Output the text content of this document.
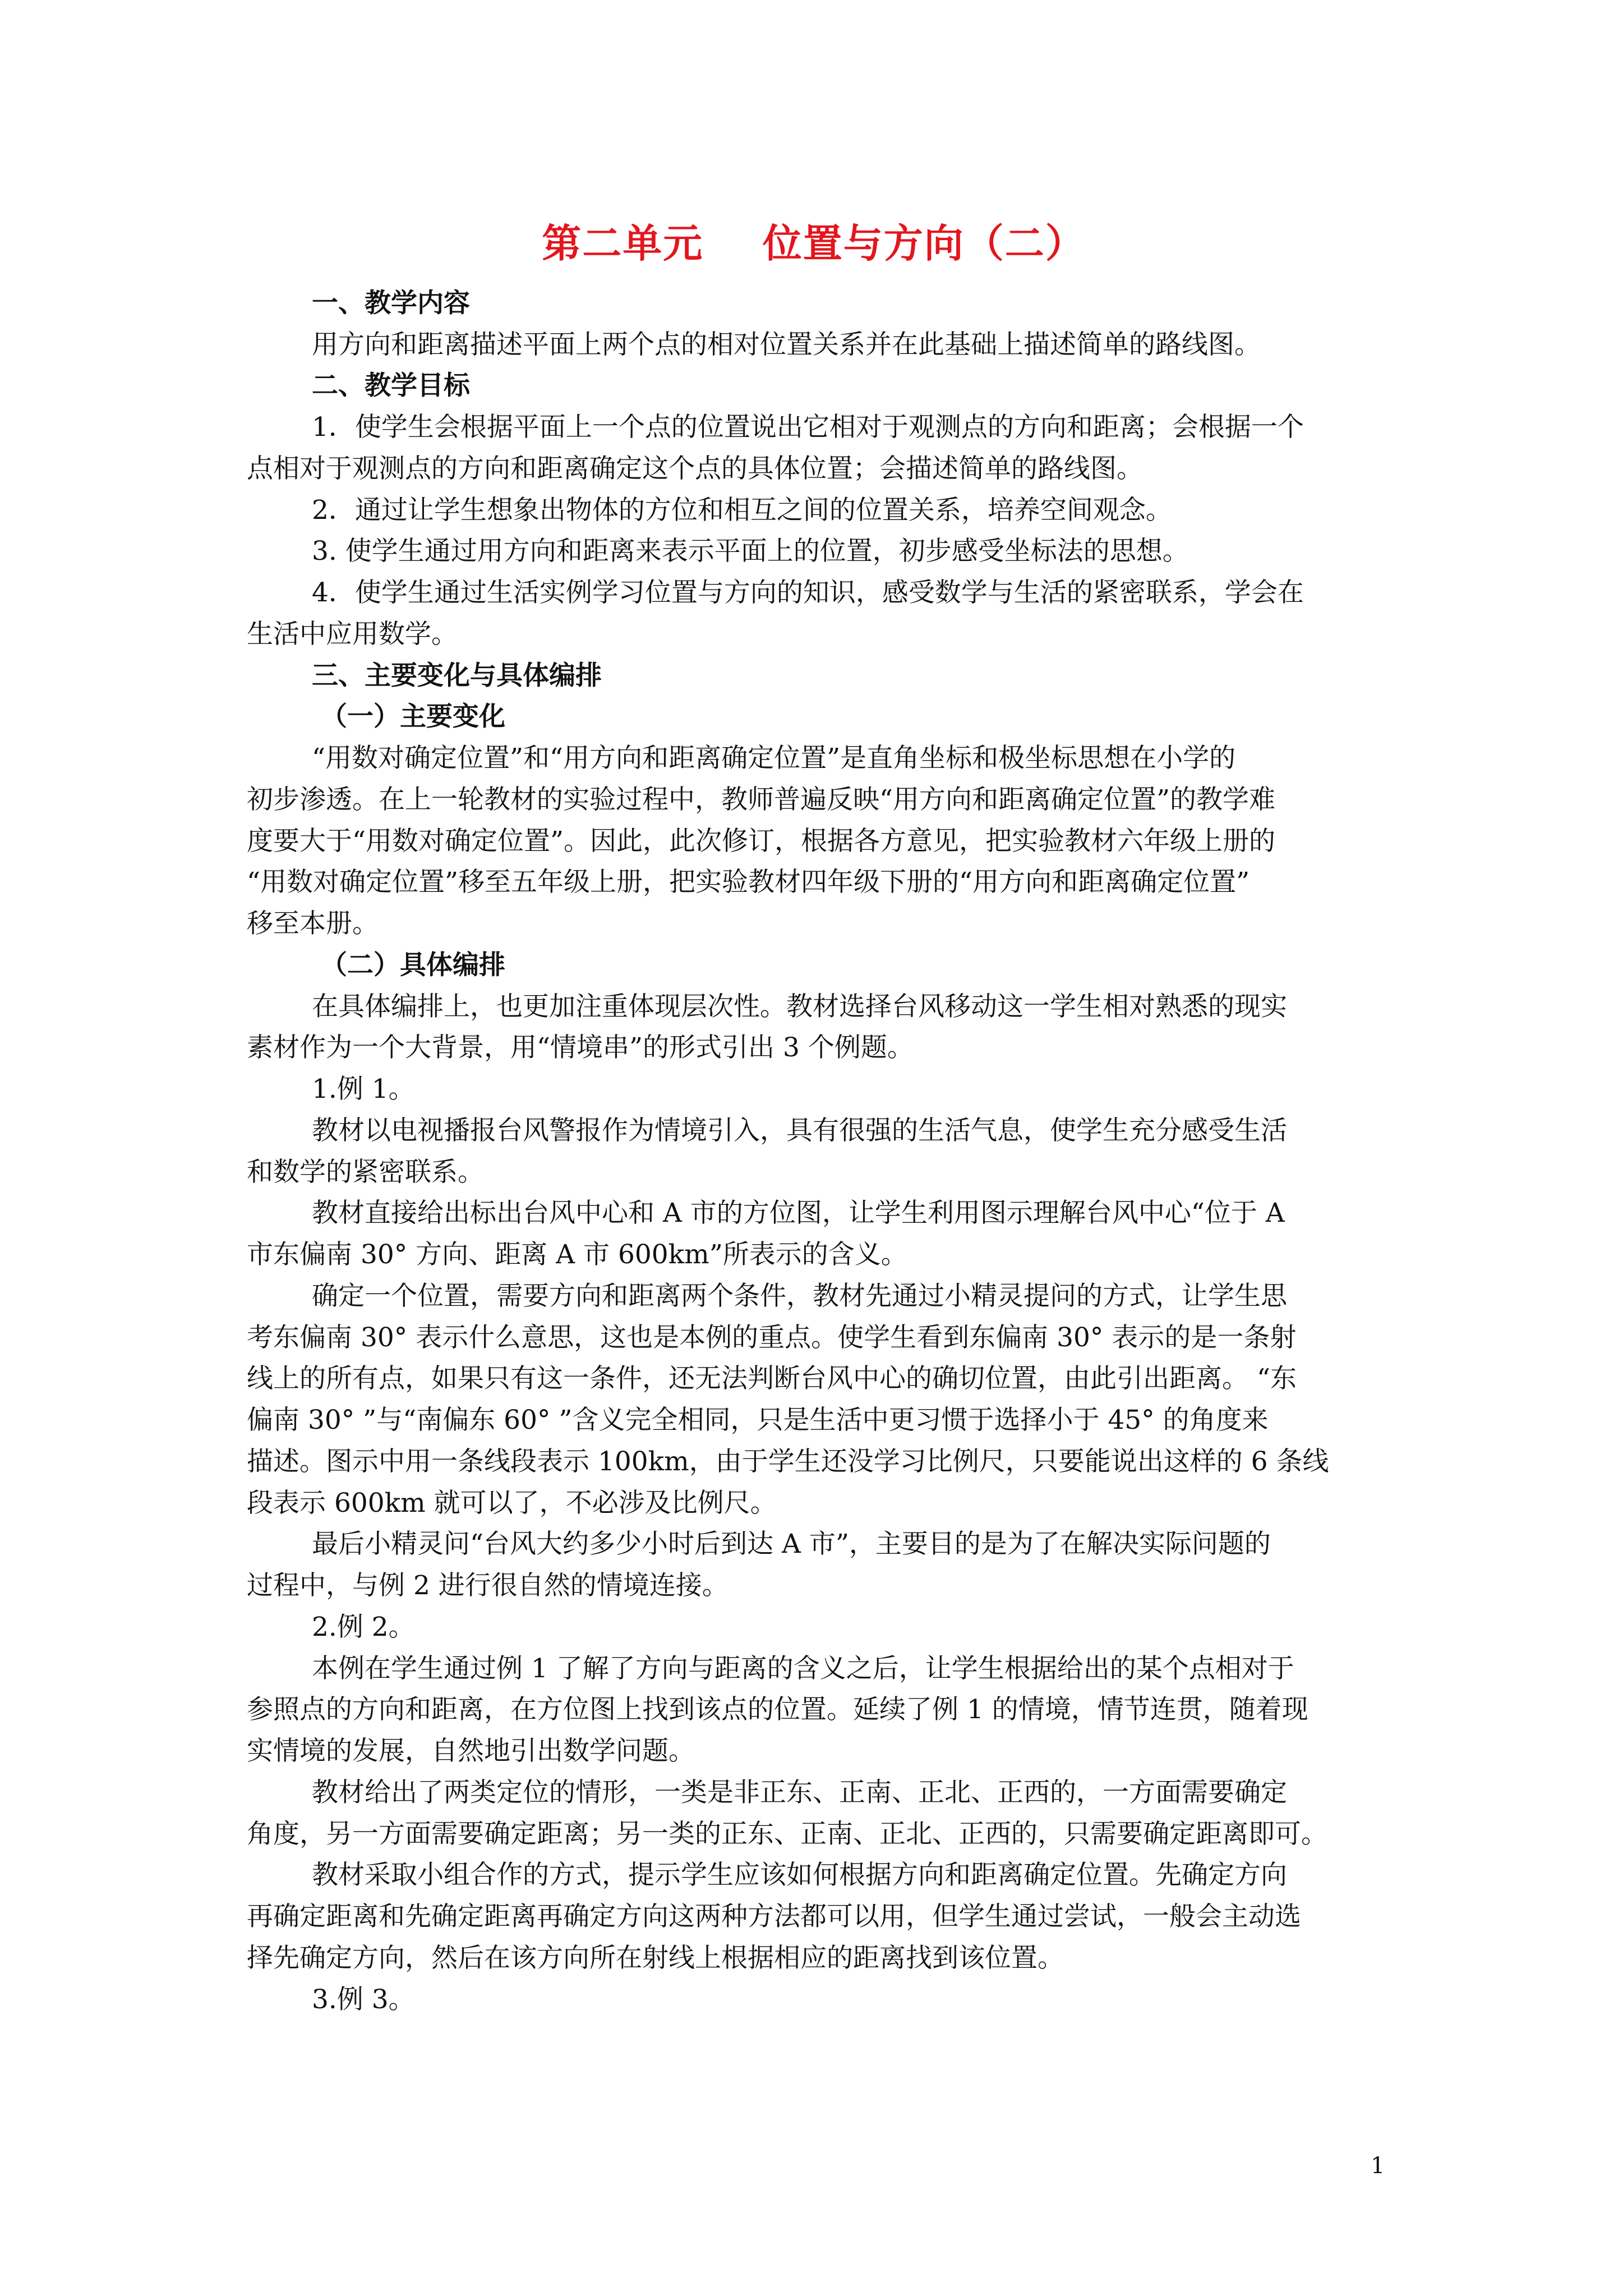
第二单元    位置与方向（二）
一、教学内容
用方向和距离描述平面上两个点的相对位置关系并在此基础上描述简单的路线图。
二、教学目标
1．使学生会根据平面上一个点的位置说出它相对于观测点的方向和距离；会根据一个
点相对于观测点的方向和距离确定这个点的具体位置；会描述简单的路线图。
2．通过让学生想象出物体的方位和相互之间的位置关系，培养空间观念。
3. 使学生通过用方向和距离来表示平面上的位置，初步感受坐标法的思想。
4．使学生通过生活实例学习位置与方向的知识，感受数学与生活的紧密联系，学会在
生活中应用数学。
三、主要变化与具体编排
（一）主要变化
“用数对确定位置”和“用方向和距离确定位置”是直角坐标和极坐标思想在小学的
初步渗透。在上一轮教材的实验过程中，教师普遍反映“用方向和距离确定位置”的教学难
度要大于“用数对确定位置”。因此，此次修订，根据各方意见，把实验教材六年级上册的
“用数对确定位置”移至五年级上册，把实验教材四年级下册的“用方向和距离确定位置”
移至本册。
（二）具体编排
在具体编排上，也更加注重体现层次性。教材选择台风移动这一学生相对熟悉的现实
素材作为一个大背景，用“情境串”的形式引出 3 个例题。
1.例 1。
教材以电视播报台风警报作为情境引入，具有很强的生活气息，使学生充分感受生活
和数学的紧密联系。
教材直接给出标出台风中心和 A 市的方位图，让学生利用图示理解台风中心“位于 A
市东偏南 30° 方向、距离 A 市 600km”所表示的含义。
确定一个位置，需要方向和距离两个条件，教材先通过小精灵提问的方式，让学生思
考东偏南 30° 表示什么意思，这也是本例的重点。使学生看到东偏南 30° 表示的是一条射
线上的所有点，如果只有这一条件，还无法判断台风中心的确切位置，由此引出距离。 “东
偏南 30° ”与“南偏东 60° ”含义完全相同，只是生活中更习惯于选择小于 45° 的角度来
描述。图示中用一条线段表示 100km，由于学生还没学习比例尺，只要能说出这样的 6 条线
段表示 600km 就可以了，不必涉及比例尺。
最后小精灵问“台风大约多少小时后到达 A 市”，主要目的是为了在解决实际问题的
过程中，与例 2 进行很自然的情境连接。
2.例 2。
本例在学生通过例 1 了解了方向与距离的含义之后，让学生根据给出的某个点相对于
参照点的方向和距离，在方位图上找到该点的位置。延续了例 1 的情境，情节连贯，随着现
实情境的发展，自然地引出数学问题。
教材给出了两类定位的情形，一类是非正东、正南、正北、正西的，一方面需要确定
角度，另一方面需要确定距离；另一类的正东、正南、正北、正西的，只需要确定距离即可。
教材采取小组合作的方式，提示学生应该如何根据方向和距离确定位置。先确定方向
再确定距离和先确定距离再确定方向这两种方法都可以用，但学生通过尝试，一般会主动选
择先确定方向，然后在该方向所在射线上根据相应的距离找到该位置。
3.例 3。
1
